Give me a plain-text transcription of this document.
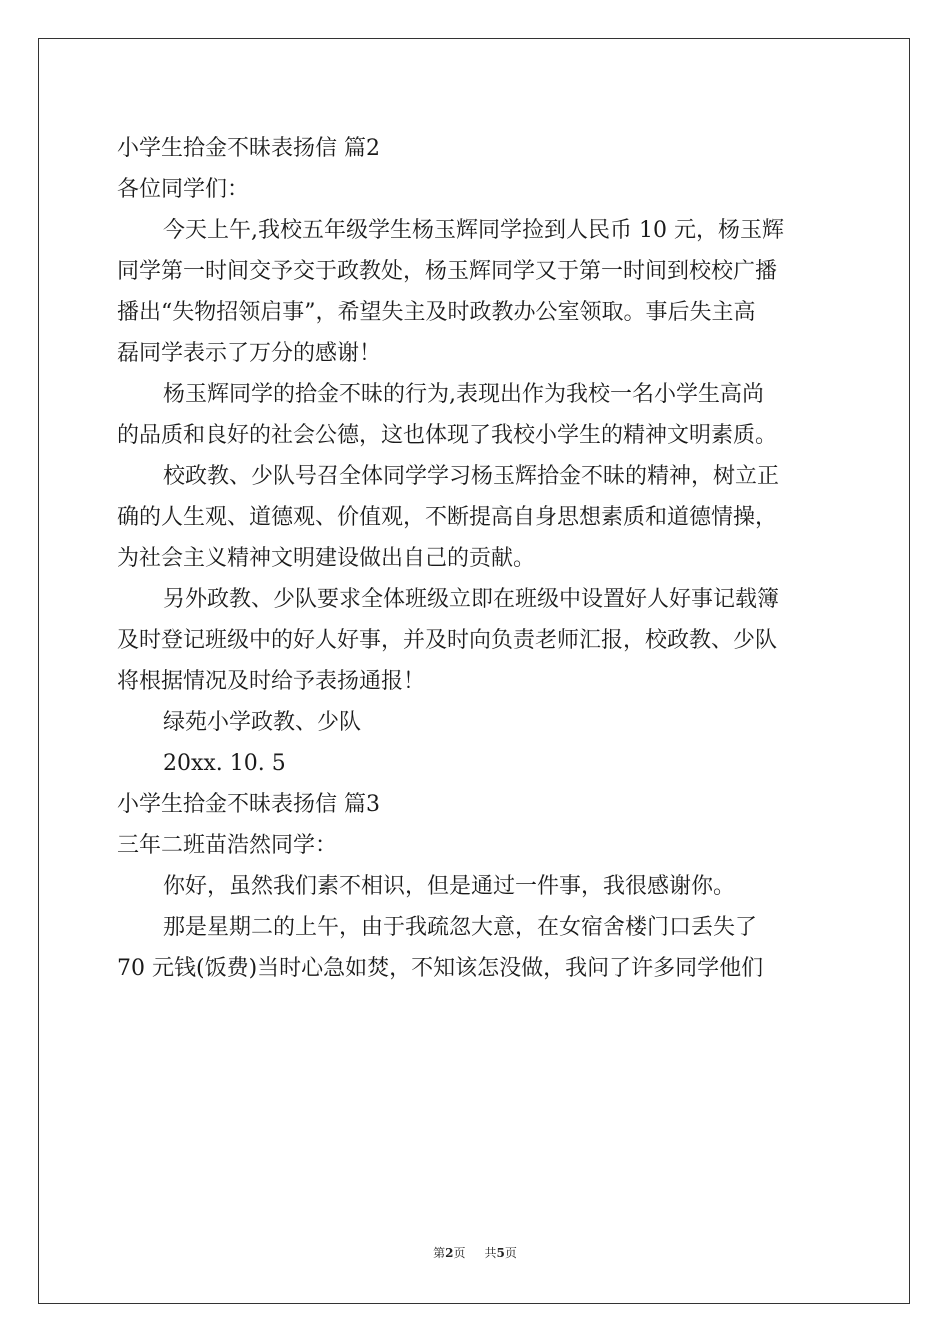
小学生拾金不昧表扬信 篇2

各位同学们：

今天上午,我校五年级学生杨玉辉同学捡到人民币 10 元，杨玉辉

同学第一时间交予交于政教处，杨玉辉同学又于第一时间到校校广播

播出“失物招领启事”，希望失主及时政教办公室领取。事后失主高

磊同学表示了万分的感谢！

杨玉辉同学的拾金不昧的行为,表现出作为我校一名小学生高尚

的品质和良好的社会公德，这也体现了我校小学生的精神文明素质。

校政教、少队号召全体同学学习杨玉辉拾金不昧的精神，树立正

确的人生观、道德观、价值观，不断提高自身思想素质和道德情操，

为社会主义精神文明建设做出自己的贡献。

另外政教、少队要求全体班级立即在班级中设置好人好事记载簿

及时登记班级中的好人好事，并及时向负责老师汇报，校政教、少队

将根据情况及时给予表扬通报！

绿苑小学政教、少队

20xx. 10. 5

小学生拾金不昧表扬信 篇3

三年二班苗浩然同学：

你好，虽然我们素不相识，但是通过一件事，我很感谢你。

那是星期二的上午，由于我疏忽大意，在女宿舍楼门口丢失了

70 元钱(饭费)当时心急如焚，不知该怎没做，我问了许多同学他们

第2页 共5页
